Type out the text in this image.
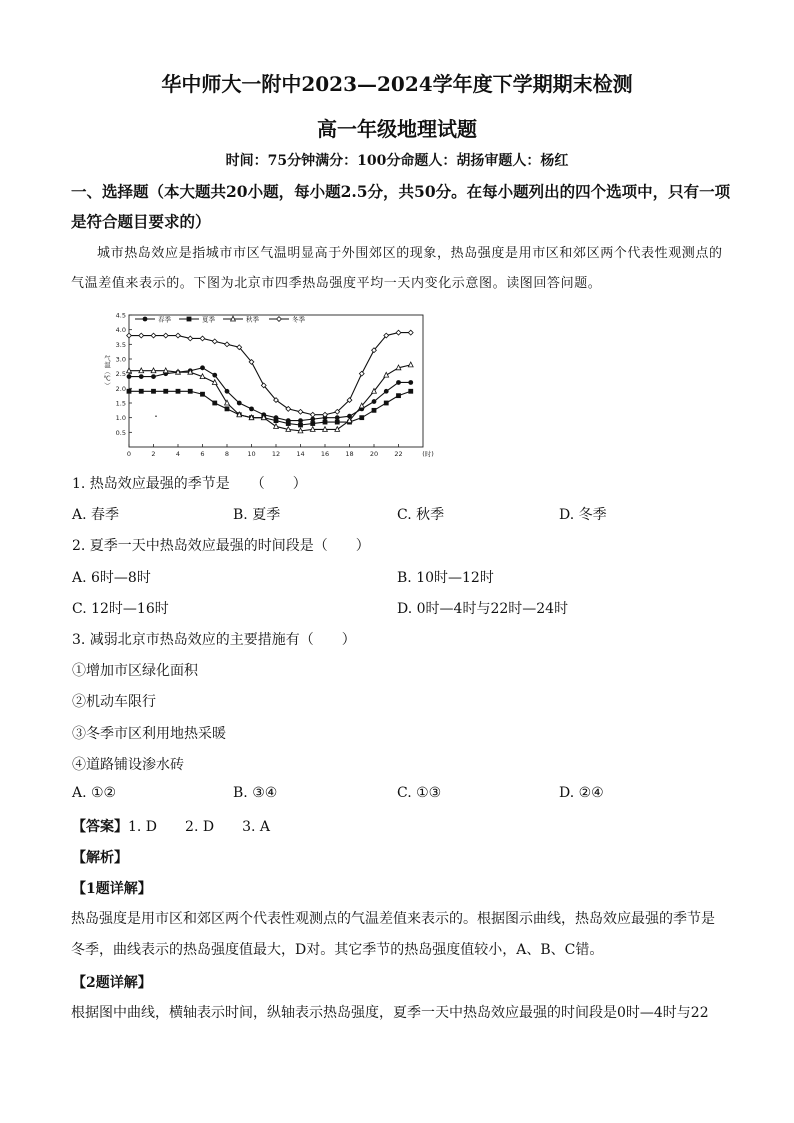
华中师大一附中2023—2024学年度下学期期末检测
高一年级地理试题
时间：75分钟满分：100分命题人：胡扬审题人：杨红
一、选择题（本大题共20小题，每小题2.5分，共50分。在每小题列出的四个选项中，只有一项是符合题目要求的）
城市热岛效应是指城市市区气温明显高于外围郊区的现象，热岛强度是用市区和郊区两个代表性观测点的气温差值来表示的。下图为北京市四季热岛强度平均一天内变化示意图。读图回答问题。
0.5
1.0
1.5
2.0
2.5
3.0
3.5
4.0
4.5
0	2	4	6	8	10 12 14 16 18 20 22	(时)
气温（℃）
春季	夏季	秋季	冬季
1. 热岛效应最强的季节是　　（　　）
A. 春季	B. 夏季	C. 秋季	D. 冬季
2. 夏季一天中热岛效应最强的时间段是（　　）
A. 6时—8时	B. 10时—12时
C. 12时—16时	D. 0时—4时与22时—24时
3. 减弱北京市热岛效应的主要措施有（　　）
①增加市区绿化面积
②机动车限行
③冬季市区利用地热采暖
④道路铺设渗水砖
A. ①②	B. ③④	C. ①③	D. ②④
【答案】1. D　　2. D　　3. A
【解析】
【1题详解】
热岛强度是用市区和郊区两个代表性观测点的气温差值来表示的。根据图示曲线，热岛效应最强的季节是冬季，曲线表示的热岛强度值最大，D对。其它季节的热岛强度值较小，A、B、C错。
【2题详解】
根据图中曲线，横轴表示时间，纵轴表示热岛强度，夏季一天中热岛效应最强的时间段是0时—4时与22
